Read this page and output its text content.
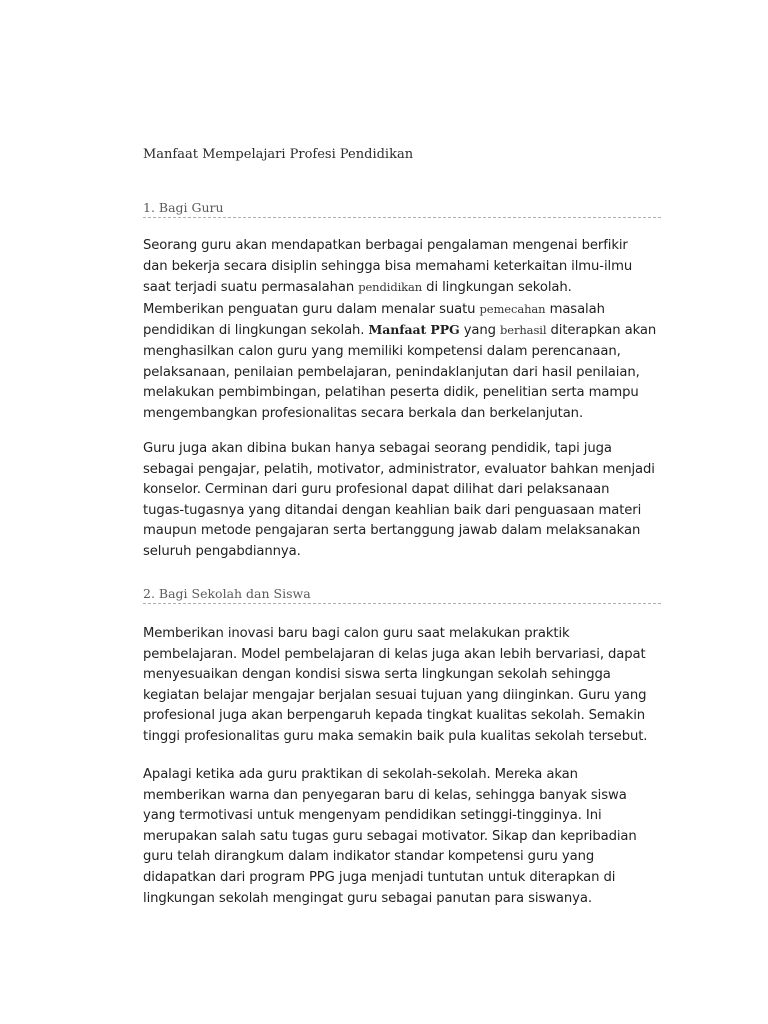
Manfaat Mempelajari Profesi Pendidikan
1. Bagi Guru
Seorang guru akan mendapatkan berbagai pengalaman mengenai berfikir
dan bekerja secara disiplin sehingga bisa memahami keterkaitan ilmu-ilmu
saat terjadi suatu permasalahan pendidikan di lingkungan sekolah.
Memberikan penguatan guru dalam menalar suatu pemecahan masalah
pendidikan di lingkungan sekolah. Manfaat PPG yang berhasil diterapkan akan
menghasilkan calon guru yang memiliki kompetensi dalam perencanaan,
pelaksanaan, penilaian pembelajaran, penindaklanjutan dari hasil penilaian,
melakukan pembimbingan, pelatihan peserta didik, penelitian serta mampu
mengembangkan profesionalitas secara berkala dan berkelanjutan.
Guru juga akan dibina bukan hanya sebagai seorang pendidik, tapi juga
sebagai pengajar, pelatih, motivator, administrator, evaluator bahkan menjadi
konselor. Cerminan dari guru profesional dapat dilihat dari pelaksanaan
tugas-tugasnya yang ditandai dengan keahlian baik dari penguasaan materi
maupun metode pengajaran serta bertanggung jawab dalam melaksanakan
seluruh pengabdiannya.
2. Bagi Sekolah dan Siswa
Memberikan inovasi baru bagi calon guru saat melakukan praktik
pembelajaran. Model pembelajaran di kelas juga akan lebih bervariasi, dapat
menyesuaikan dengan kondisi siswa serta lingkungan sekolah sehingga
kegiatan belajar mengajar berjalan sesuai tujuan yang diinginkan. Guru yang
profesional juga akan berpengaruh kepada tingkat kualitas sekolah. Semakin
tinggi profesionalitas guru maka semakin baik pula kualitas sekolah tersebut.
Apalagi ketika ada guru praktikan di sekolah-sekolah. Mereka akan
memberikan warna dan penyegaran baru di kelas, sehingga banyak siswa
yang termotivasi untuk mengenyam pendidikan setinggi-tingginya. Ini
merupakan salah satu tugas guru sebagai motivator. Sikap dan kepribadian
guru telah dirangkum dalam indikator standar kompetensi guru yang
didapatkan dari program PPG juga menjadi tuntutan untuk diterapkan di
lingkungan sekolah mengingat guru sebagai panutan para siswanya.
